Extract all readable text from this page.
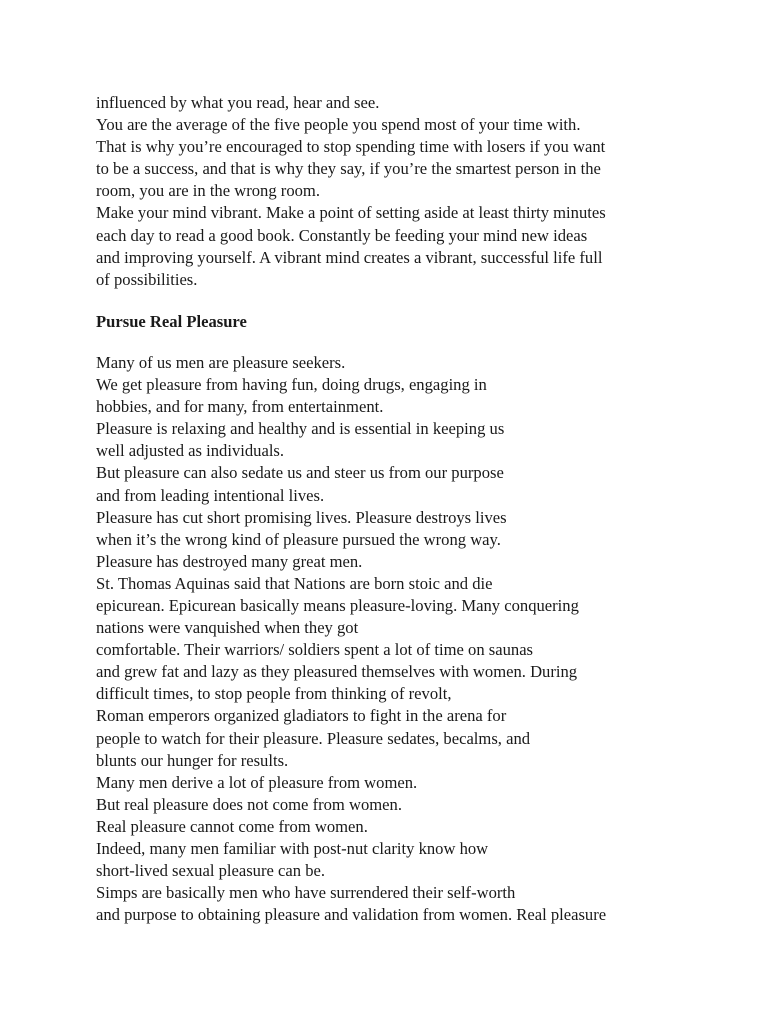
influenced by what you read, hear and see.
You are the average of the five people you spend most of your time with.
That is why you’re encouraged to stop spending time with losers if you want
to be a success, and that is why they say, if you’re the smartest person in the
room, you are in the wrong room.
Make your mind vibrant. Make a point of setting aside at least thirty minutes
each day to read a good book. Constantly be feeding your mind new ideas
and improving yourself. A vibrant mind creates a vibrant, successful life full
of possibilities.
Pursue Real Pleasure
Many of us men are pleasure seekers.
We get pleasure from having fun, doing drugs, engaging in
hobbies, and for many, from entertainment.
Pleasure is relaxing and healthy and is essential in keeping us
well adjusted as individuals.
But pleasure can also sedate us and steer us from our purpose
and from leading intentional lives.
Pleasure has cut short promising lives. Pleasure destroys lives
when it’s the wrong kind of pleasure pursued the wrong way.
Pleasure has destroyed many great men.
St. Thomas Aquinas said that Nations are born stoic and die
epicurean. Epicurean basically means pleasure-loving. Many conquering
nations were vanquished when they got
comfortable. Their warriors/ soldiers spent a lot of time on saunas
and grew fat and lazy as they pleasured themselves with women. During
difficult times, to stop people from thinking of revolt,
Roman emperors organized gladiators to fight in the arena for
people to watch for their pleasure. Pleasure sedates, becalms, and
blunts our hunger for results.
Many men derive a lot of pleasure from women.
But real pleasure does not come from women.
Real pleasure cannot come from women.
Indeed, many men familiar with post-nut clarity know how
short-lived sexual pleasure can be.
Simps are basically men who have surrendered their self-worth
and purpose to obtaining pleasure and validation from women. Real pleasure
